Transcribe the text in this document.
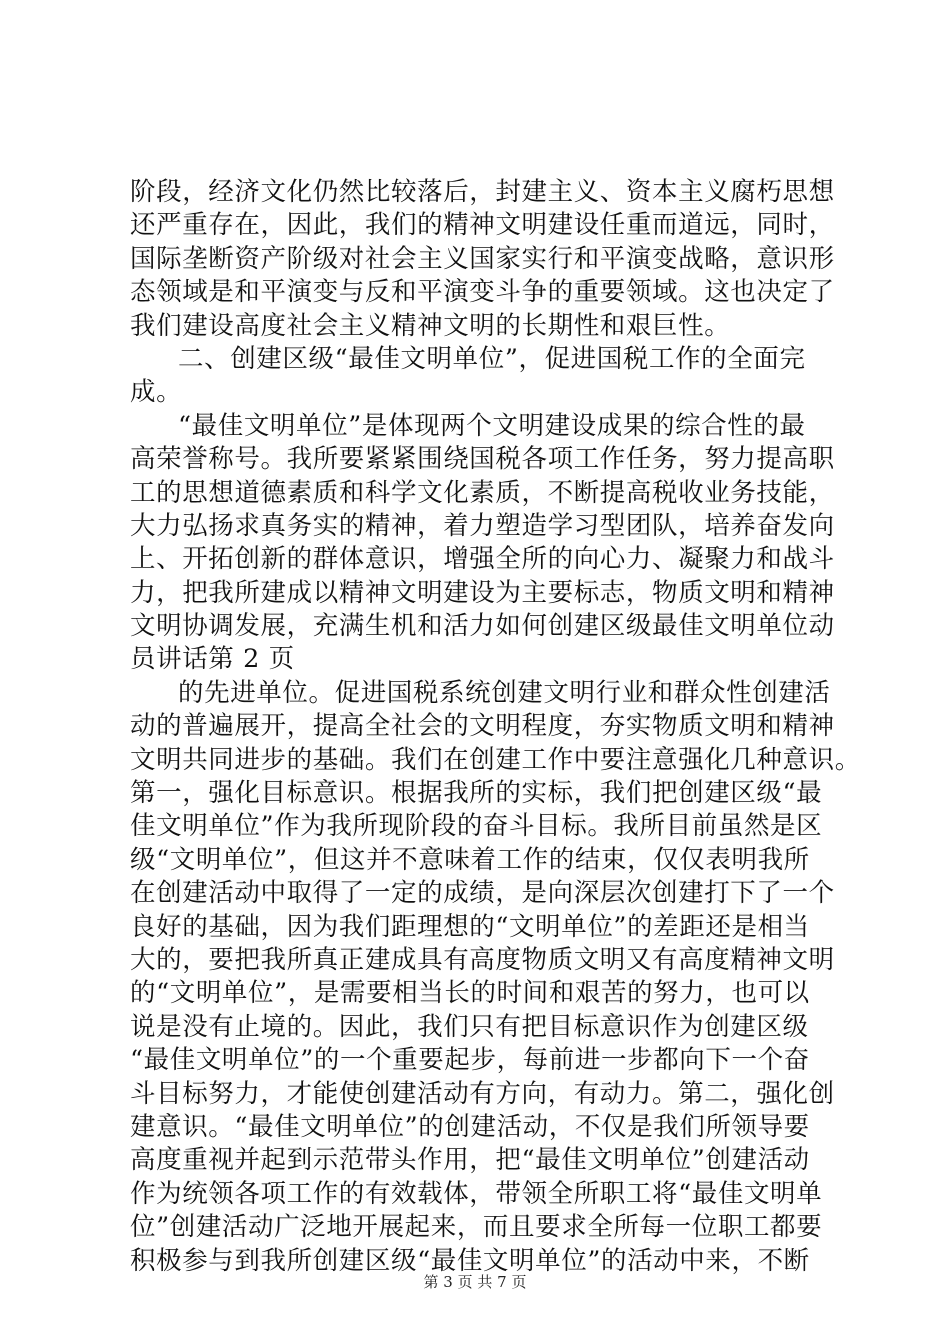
阶段，经济文化仍然比较落后，封建主义、资本主义腐朽思想
还严重存在，因此，我们的精神文明建设任重而道远，同时，
国际垄断资产阶级对社会主义国家实行和平演变战略，意识形
态领域是和平演变与反和平演变斗争的重要领域。这也决定了
我们建设高度社会主义精神文明的长期性和艰巨性。
二、创建区级“最佳文明单位”，促进国税工作的全面完
成。
“最佳文明单位”是体现两个文明建设成果的综合性的最
高荣誉称号。我所要紧紧围绕国税各项工作任务，努力提高职
工的思想道德素质和科学文化素质，不断提高税收业务技能，
大力弘扬求真务实的精神，着力塑造学习型团队，培养奋发向
上、开拓创新的群体意识，增强全所的向心力、凝聚力和战斗
力，把我所建成以精神文明建设为主要标志，物质文明和精神
文明协调发展，充满生机和活力如何创建区级最佳文明单位动
员讲话第 2 页
的先进单位。促进国税系统创建文明行业和群众性创建活
动的普遍展开，提高全社会的文明程度，夯实物质文明和精神
文明共同进步的基础。我们在创建工作中要注意强化几种意识。
第一，强化目标意识。根据我所的实标，我们把创建区级“最
佳文明单位”作为我所现阶段的奋斗目标。我所目前虽然是区
级“文明单位”，但这并不意味着工作的结束，仅仅表明我所
在创建活动中取得了一定的成绩，是向深层次创建打下了一个
良好的基础，因为我们距理想的“文明单位”的差距还是相当
大的，要把我所真正建成具有高度物质文明又有高度精神文明
的“文明单位”，是需要相当长的时间和艰苦的努力，也可以
说是没有止境的。因此，我们只有把目标意识作为创建区级
“最佳文明单位”的一个重要起步，每前进一步都向下一个奋
斗目标努力，才能使创建活动有方向，有动力。第二，强化创
建意识。“最佳文明单位”的创建活动，不仅是我们所领导要
高度重视并起到示范带头作用，把“最佳文明单位”创建活动
作为统领各项工作的有效载体，带领全所职工将“最佳文明单
位”创建活动广泛地开展起来，而且要求全所每一位职工都要
积极参与到我所创建区级“最佳文明单位”的活动中来，不断
第 3 页 共 7 页
